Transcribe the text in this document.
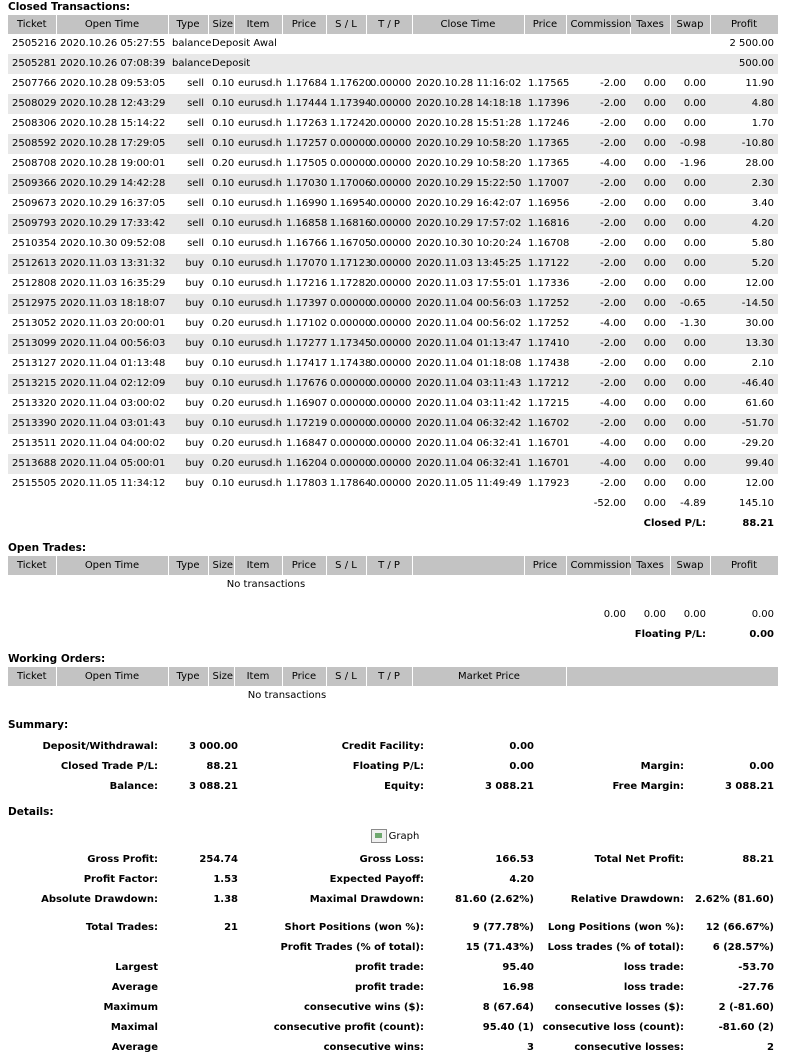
Closed Transactions:
Ticket	Open Time	Type	Size	Item	Price	S / L	T / P	Close Time	Price	Commission	Taxes	Swap	Profit
2505216	2020.10.26 05:27:55	balance	Deposit Awal										2 500.00
2505281	2020.10.26 07:08:39	balance	Deposit										500.00
2507766	2020.10.28 09:53:05	sell	0.10	eurusd.h	1.17684	1.17620	0.00000	2020.10.28 11:16:02	1.17565	-2.00	0.00	0.00	11.90
2508029	2020.10.28 12:43:29	sell	0.10	eurusd.h	1.17444	1.17394	0.00000	2020.10.28 14:18:18	1.17396	-2.00	0.00	0.00	4.80
2508306	2020.10.28 15:14:22	sell	0.10	eurusd.h	1.17263	1.17242	0.00000	2020.10.28 15:51:28	1.17246	-2.00	0.00	0.00	1.70
2508592	2020.10.28 17:29:05	sell	0.10	eurusd.h	1.17257	0.00000	0.00000	2020.10.29 10:58:20	1.17365	-2.00	0.00	-0.98	-10.80
2508708	2020.10.28 19:00:01	sell	0.20	eurusd.h	1.17505	0.00000	0.00000	2020.10.29 10:58:20	1.17365	-4.00	0.00	-1.96	28.00
2509366	2020.10.29 14:42:28	sell	0.10	eurusd.h	1.17030	1.17006	0.00000	2020.10.29 15:22:50	1.17007	-2.00	0.00	0.00	2.30
2509673	2020.10.29 16:37:05	sell	0.10	eurusd.h	1.16990	1.16954	0.00000	2020.10.29 16:42:07	1.16956	-2.00	0.00	0.00	3.40
2509793	2020.10.29 17:33:42	sell	0.10	eurusd.h	1.16858	1.16816	0.00000	2020.10.29 17:57:02	1.16816	-2.00	0.00	0.00	4.20
2510354	2020.10.30 09:52:08	sell	0.10	eurusd.h	1.16766	1.16705	0.00000	2020.10.30 10:20:24	1.16708	-2.00	0.00	0.00	5.80
2512613	2020.11.03 13:31:32	buy	0.10	eurusd.h	1.17070	1.17123	0.00000	2020.11.03 13:45:25	1.17122	-2.00	0.00	0.00	5.20
2512808	2020.11.03 16:35:29	buy	0.10	eurusd.h	1.17216	1.17282	0.00000	2020.11.03 17:55:01	1.17336	-2.00	0.00	0.00	12.00
2512975	2020.11.03 18:18:07	buy	0.10	eurusd.h	1.17397	0.00000	0.00000	2020.11.04 00:56:03	1.17252	-2.00	0.00	-0.65	-14.50
2513052	2020.11.03 20:00:01	buy	0.20	eurusd.h	1.17102	0.00000	0.00000	2020.11.04 00:56:02	1.17252	-4.00	0.00	-1.30	30.00
2513099	2020.11.04 00:56:03	buy	0.10	eurusd.h	1.17277	1.17345	0.00000	2020.11.04 01:13:47	1.17410	-2.00	0.00	0.00	13.30
2513127	2020.11.04 01:13:48	buy	0.10	eurusd.h	1.17417	1.17438	0.00000	2020.11.04 01:18:08	1.17438	-2.00	0.00	0.00	2.10
2513215	2020.11.04 02:12:09	buy	0.10	eurusd.h	1.17676	0.00000	0.00000	2020.11.04 03:11:43	1.17212	-2.00	0.00	0.00	-46.40
2513320	2020.11.04 03:00:02	buy	0.20	eurusd.h	1.16907	0.00000	0.00000	2020.11.04 03:11:42	1.17215	-4.00	0.00	0.00	61.60
2513390	2020.11.04 03:01:43	buy	0.10	eurusd.h	1.17219	0.00000	0.00000	2020.11.04 06:32:42	1.16702	-2.00	0.00	0.00	-51.70
2513511	2020.11.04 04:00:02	buy	0.20	eurusd.h	1.16847	0.00000	0.00000	2020.11.04 06:32:41	1.16701	-4.00	0.00	0.00	-29.20
2513688	2020.11.04 05:00:01	buy	0.20	eurusd.h	1.16204	0.00000	0.00000	2020.11.04 06:32:41	1.16701	-4.00	0.00	0.00	99.40
2515505	2020.11.05 11:34:12	buy	0.10	eurusd.h	1.17803	1.17864	0.00000	2020.11.05 11:49:49	1.17923	-2.00	0.00	0.00	12.00
										-52.00	0.00	-4.89	145.10
										Closed P/L:			88.21
Open Trades:
Ticket	Open Time	Type	Size	Item	Price	S / L	T / P		Price	Commission	Taxes	Swap	Profit
No transactions													

										0.00	0.00	0.00	0.00
										Floating P/L:			0.00
Working Orders:
Ticket	Open Time	Type	Size	Item	Price	S / L	T / P	Market Price	
No transactions									
Summary:
Deposit/Withdrawal:	3 000.00	Credit Facility:	0.00		
Closed Trade P/L:	88.21	Floating P/L:	0.00	Margin:	0.00
Balance:	3 088.21	Equity:	3 088.21	Free Margin:	3 088.21
Details:
Graph
Gross Profit:	254.74	Gross Loss:	166.53	Total Net Profit:	88.21
Profit Factor:	1.53	Expected Payoff:	4.20		
Absolute Drawdown:	1.38	Maximal Drawdown:	81.60 (2.62%)	Relative Drawdown:	2.62% (81.60)

Total Trades:	21	Short Positions (won %):	9 (77.78%)	Long Positions (won %):	12 (66.67%)
		Profit Trades (% of total):	15 (71.43%)	Loss trades (% of total):	6 (28.57%)
Largest		profit trade:	95.40	loss trade:	-53.70
Average		profit trade:	16.98	loss trade:	-27.76
Maximum		consecutive wins ($):	8 (67.64)	consecutive losses ($):	2 (-81.60)
Maximal		consecutive profit (count):	95.40 (1)	consecutive loss (count):	-81.60 (2)
Average		consecutive wins:	3	consecutive losses:	2
